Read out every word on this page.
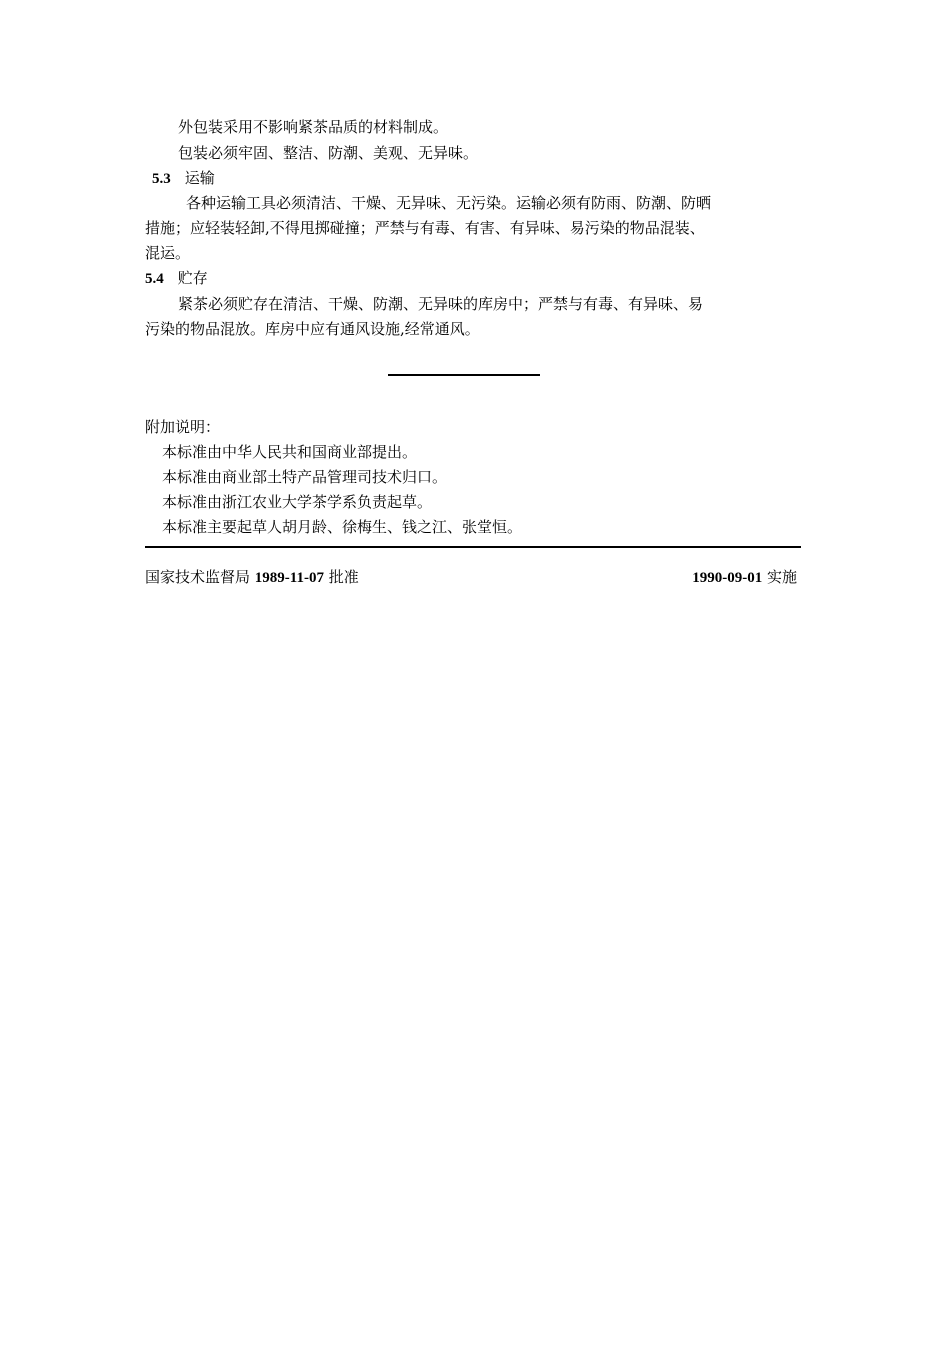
外包装采用不影响紧茶品质的材料制成。
包装必须牢固、整洁、防潮、美观、无异味。
5.3 运输
各种运输工具必须清洁、干燥、无异味、无污染。运输必须有防雨、防潮、防晒
措施；应轻装轻卸,不得甩掷碰撞；严禁与有毒、有害、有异味、易污染的物品混装、
混运。
5.4 贮存
紧茶必须贮存在清洁、干燥、防潮、无异味的库房中；严禁与有毒、有异味、易
污染的物品混放。库房中应有通风设施,经常通风。
附加说明：
本标准由中华人民共和国商业部提出。
本标准由商业部土特产品管理司技术归口。
本标准由浙江农业大学茶学系负责起草。
本标准主要起草人胡月龄、徐梅生、钱之江、张堂恒。
国家技术监督局 1989-11-07 批准	1990-09-01 实施
